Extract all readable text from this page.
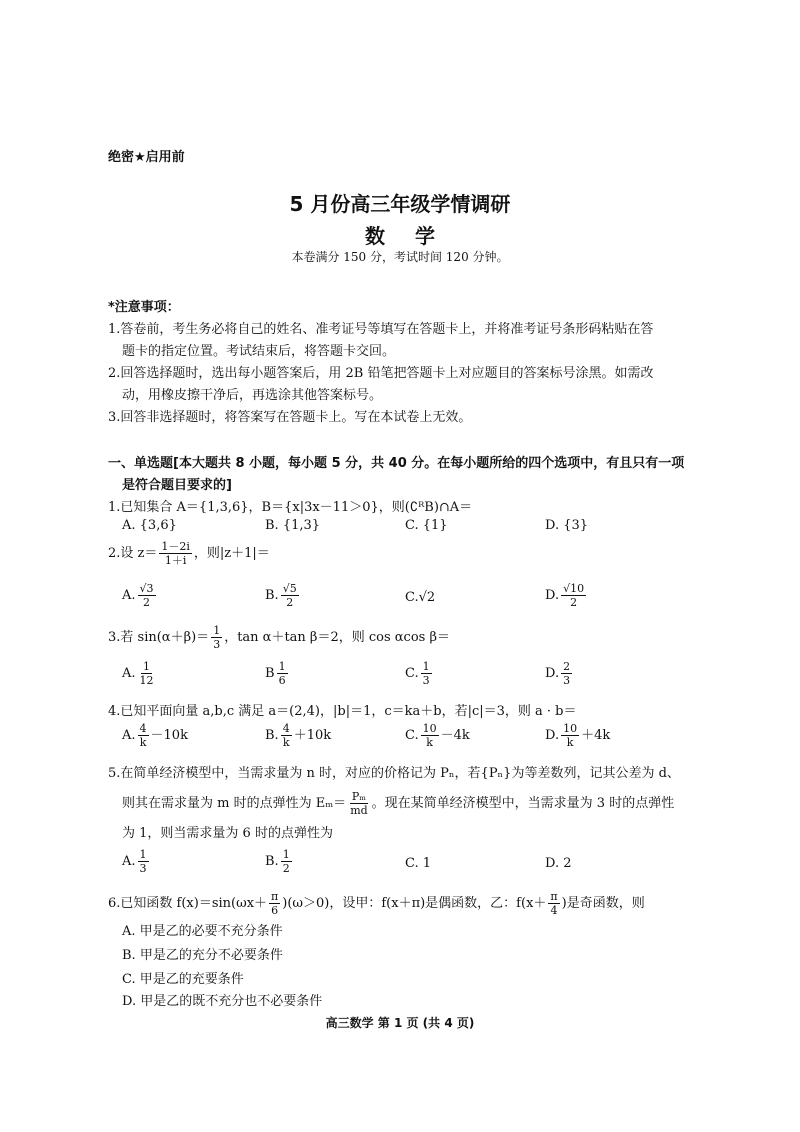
绝密★启用前
5 月份高三年级学情调研
数学
本卷满分 150 分，考试时间 120 分钟。
*注意事项：
1.答卷前，考生务必将自己的姓名、准考证号等填写在答题卡上，并将准考证号条形码粘贴在答
题卡的指定位置。考试结束后，将答题卡交回。
2.回答选择题时，选出每小题答案后，用 2B 铅笔把答题卡上对应题目的答案标号涂黑。如需改
动，用橡皮擦干净后，再选涂其他答案标号。
3.回答非选择题时，将答案写在答题卡上。写在本试卷上无效。
一、单选题[本大题共 8 小题，每小题 5 分，共 40 分。在每小题所给的四个选项中，有且只有一项
是符合题目要求的]
1.已知集合 A＝{1,3,6}，B＝{x|3x－11＞0}，则(∁ᴿB)∩A＝
A. {3,6}	B. {1,3}	C. {1}	D. {3}
2.设 $z= \frac{1-2i}{1+i}$ ，则|z＋1|＝
A. $\frac{√3}{2}$	B. $\frac{√5}{2}$	C.√2	D. $\frac{√10}{2}$
3.若 $\sin(\alpha+\beta)= \frac{1}{3}$ ，tan α＋tan β＝2，则 cos αcos β＝
A. $\frac{1}{12}$	B $\frac{1}{6}$	C. $\frac{1}{3}$	D. $\frac{2}{3}$
4.已知平面向量 a,b,c 满足 a＝(2,4)，|b|＝1，c＝ka＋b，若|c|＝3，则 a · b＝
A. $\frac{4}{k} -10k$	B. $\frac{4}{k} +10k$	C. $\frac{10}{k} -4k$	D. $\frac{10}{k} +4k$
5.在简单经济模型中，当需求量为 n 时，对应的价格记为 Pₙ，若{Pₙ}为等差数列，记其公差为 d、
则其在需求量为 m 时的点弹性为 $E_m= \frac{\text{Pₘ}}{md}$ 。现在某简单经济模型中，当需求量为 3 时的点弹性
为 1，则当需求量为 6 时的点弹性为
A. $\frac{1}{3}$	B. $\frac{1}{2}$	C. 1	D. 2
6.已知函数 $f(x)=\sin(\omega x+ \frac{\pi}{6} )(\omega>0)$，设甲：f(x＋π)是偶函数，乙：$f(x+ \frac{\pi}{4}$ )是奇函数，则
A. 甲是乙的必要不充分条件
B. 甲是乙的充分不必要条件
C. 甲是乙的充要条件
D. 甲是乙的既不充分也不必要条件
高三数学 第 1 页 (共 4 页)
